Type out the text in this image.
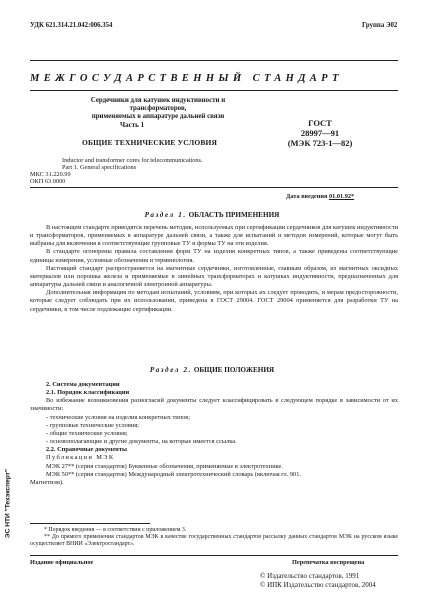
УДК 621.314.21.042:006.354	Группа Э02
МЕЖГОСУДАРСТВЕННЫЙ СТАНДАРТ
Сердечники для катушек индуктивности и трансформаторов,
применяемых в аппаратуре дальней связи
Часть 1
ОБЩИЕ ТЕХНИЧЕСКИЕ УСЛОВИЯ
ГОСТ
28997—91
(МЭК 723-1—82)
Inductor and transformer cores for telecommunications.
Part 1. General specifications
МКС 31.220.99
ОКП 63 0000
Дата введения 01.01.92*
Раздел 1. ОБЛАСТЬ ПРИМЕНЕНИЯ

В настоящем стандарте приводятся перечень методик, используемых при сертификации сердечников для катушек индуктивности и трансформаторов, применяемых в аппаратуре дальней связи, а также для испытаний и методов измерений, которые могут быть выбраны для включения в соответствующие групповые ТУ и формы ТУ на эти изделия.

В стандарте огонорены правила составления форм ТУ на изделия конкретных типов, а также приведены соответствующие единицы измерения, условные обозначения и терминология.

Настоящий стандарт распространяется на магнитные сердечники, изготовленные, главным образом, из магнитных оксидных материалов или порошка железа и применяемые в линейных трансформаторах и катушках индуктивности, предназначенных для аппаратуры дальней связи и аналогичной электронной аппаратуры.

Дополнительная информация по методам испытаний, условиям, при которых их следует проводить, и мерам предосторожности, которые следует соблюдать при их использовании, приведена в ГОСТ 29004. ГОСТ 29004 применяется для разработки ТУ на сердечники, в том числе подлежащие сертификации.

Раздел 2. ОБЩИЕ ПОЛОЖЕНИЯ
2. Система документации
2.1. Порядок классификации

Во избежание возникновения разногласий документы следует классифицировать в следующем порядке в зависимости от их значимости:

- технические условия на изделия конкретных типов;
- групповые технические условия;
- общие технические условия;
- основополагающие и другие документы, на которые имеется ссылка.
2.2. Справочные документы
Публикации МЭК
МЭК 27** (серия стандартов) Буквенные обозначения, применяемые в электротехнике.
МЭК 50** (серия стандартов) Международный электротехнический словарь (включая гл. 901.
Магнетизм).

* Порядок введения — в соответствии с приложением 3.

** До прямого применения стандартов МЭК в качестве государственных стандартов рассылку данных стандартов МЭК на русском языке осуществляет ВНИИ «Электростандарт».

Издание официальное	Перепечатка воспрещена
© Издательство стандартов, 1991
© ИПК Издательство стандартов, 2004
ЭС НТИ "Техэксперт"
